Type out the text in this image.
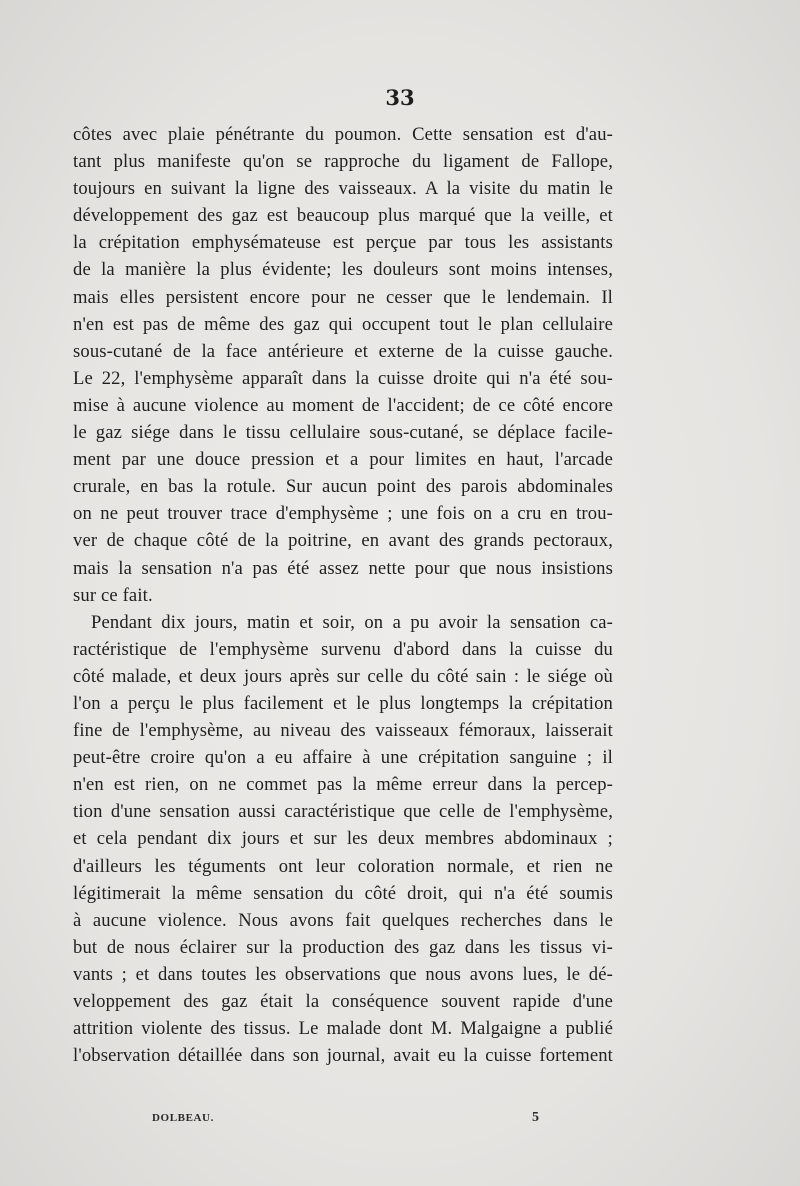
33
côtes avec plaie pénétrante du poumon. Cette sensation est d'au-
tant plus manifeste qu'on se rapproche du ligament de Fallope,
toujours en suivant la ligne des vaisseaux. A la visite du matin le
développement des gaz est beaucoup plus marqué que la veille, et
la crépitation emphysémateuse est perçue par tous les assistants
de la manière la plus évidente; les douleurs sont moins intenses,
mais elles persistent encore pour ne cesser que le lendemain. Il
n'en est pas de même des gaz qui occupent tout le plan cellulaire
sous-cutané de la face antérieure et externe de la cuisse gauche.
Le 22, l'emphysème apparaît dans la cuisse droite qui n'a été sou-
mise à aucune violence au moment de l'accident; de ce côté encore
le gaz siége dans le tissu cellulaire sous-cutané, se déplace facile-
ment par une douce pression et a pour limites en haut, l'arcade
crurale, en bas la rotule. Sur aucun point des parois abdominales
on ne peut trouver trace d'emphysème ; une fois on a cru en trou-
ver de chaque côté de la poitrine, en avant des grands pectoraux,
mais la sensation n'a pas été assez nette pour que nous insistions
sur ce fait.
Pendant dix jours, matin et soir, on a pu avoir la sensation ca-
ractéristique de l'emphysème survenu d'abord dans la cuisse du
côté malade, et deux jours après sur celle du côté sain : le siége où
l'on a perçu le plus facilement et le plus longtemps la crépitation
fine de l'emphysème, au niveau des vaisseaux fémoraux, laisserait
peut-être croire qu'on a eu affaire à une crépitation sanguine ; il
n'en est rien, on ne commet pas la même erreur dans la percep-
tion d'une sensation aussi caractéristique que celle de l'emphysème,
et cela pendant dix jours et sur les deux membres abdominaux ;
d'ailleurs les téguments ont leur coloration normale, et rien ne
légitimerait la même sensation du côté droit, qui n'a été soumis
à aucune violence. Nous avons fait quelques recherches dans le
but de nous éclairer sur la production des gaz dans les tissus vi-
vants ; et dans toutes les observations que nous avons lues, le dé-
veloppement des gaz était la conséquence souvent rapide d'une
attrition violente des tissus. Le malade dont M. Malgaigne a publié
l'observation détaillée dans son journal, avait eu la cuisse fortement
DOLBEAU.	5
